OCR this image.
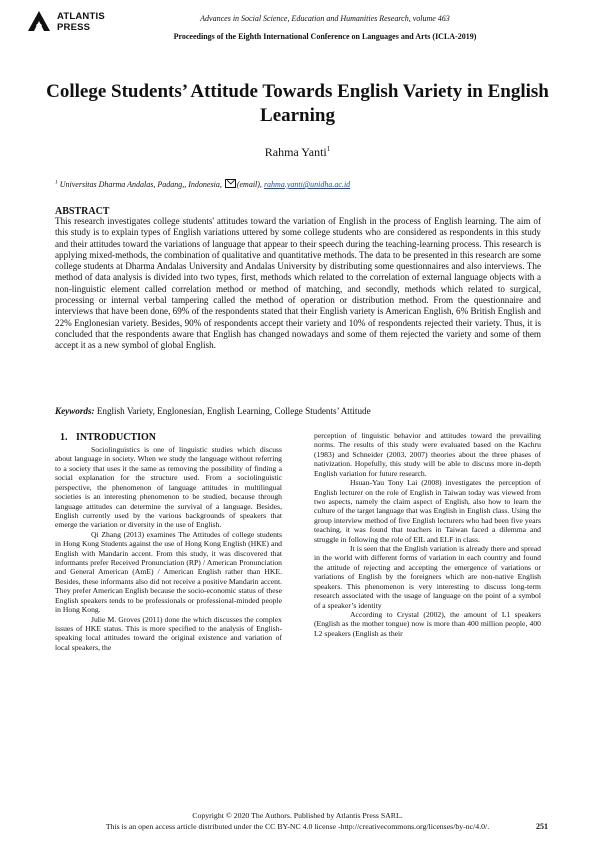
ATLANTIS
PRESS
Advances in Social Science, Education and Humanities Research, volume 463
Proceedings of the Eighth International Conference on Languages and Arts (ICLA-2019)
College Students’ Attitude Towards English Variety in English Learning
Rahma Yanti$^1$
$^1$ Universitas Dharma Andalas, Padang,, Indonesia, (email), rahma.yanti@unidha.ac.id
ABSTRACT
This research investigates college students' attitudes toward the variation of English in the process of English learning. The aim of this study is to explain types of English variations uttered by some college students who are considered as respondents in this study and their attitudes toward the variations of language that appear to their speech during the teaching-learning process. This research is applying mixed-methods, the combination of qualitative and quantitative methods. The data to be presented in this research are some college students at Dharma Andalas University and Andalas University by distributing some questionnaires and also interviews. The method of data analysis is divided into two types, first, methods which related to the correlation of external language objects with a non-linguistic element called correlation method or method of matching, and secondly, methods which related to surgical, processing or internal verbal tampering called the method of operation or distribution method. From the questionnaire and interviews that have been done, 69% of the respondents stated that their English variety is American English, 6% British English and 22% Englonesian variety. Besides, 90% of respondents accept their variety and 10% of respondents rejected their variety. Thus, it is concluded that the respondents aware that English has changed nowadays and some of them rejected the variety and some of them accept it as a new symbol of global English.
Keywords: English Variety, Englonesian, English Learning, College Students’ Attitude
1. INTRODUCTION

Sociolinguistics is one of linguistic studies which discuss about language in society. When we study the language without referring to a society that uses it the same as removing the possibility of finding a social explanation for the structure used. From a sociolinguistic perspective, the phenomenon of language attitudes in multilingual societies is an interesting phenomenon to be studied, because through language attitudes can determine the survival of a language. Besides, English currently used by the various backgrounds of speakers that emerge the variation or diversity in the use of English.

Qi Zhang (2013) examines The Attitudes of college students in Hong Kong Students against the use of Hong Kong English (HKE) and English with Mandarin accent. From this study, it was discovered that informants prefer Received Pronunciation (RP) / American Pronunciation and General American (AmE) / American English rather than HKE. Besides, these informants also did not receive a positive Mandarin accent. They prefer American English because the socio-economic status of these English speakers tends to be professionals or professional-minded people in Hong Kong.

Julie M. Groves (2011) done the which discusses the complex issues of HKE status. This is more specified to the analysis of English-speaking local attitudes toward the original existence and variation of local speakers, the

perception of linguistic behavior and attitudes toward the prevailing norms. The results of this study were evaluated based on the Kachru (1983) and Schneider (2003, 2007) theories about the three phases of nativization. Hopefully, this study will be able to discuss more in-depth English variation for future research.

Hsuan-Yau Tony Lai (2008) investigates the perception of English lecturer on the role of English in Taiwan today was viewed from two aspects, namely the claim aspect of English, also how to learn the culture of the target language that was English in English class. Using the group interview method of five English lecturers who had been five years teaching, it was found that teachers in Taiwan faced a dilemma and struggle in following the role of EIL and ELF in class.

It is seen that the English variation is already there and spread in the world with different forms of variation in each country and found the attitude of rejecting and accepting the emergence of variations or variations of English by the foreigners which are non-native English speakers. This phenomenon is very interesting to discuss long-term research associated with the usage of language on the point of a symbol of a speaker’s identity

According to Crystal (2002), the amount of L1 speakers (English as the mother tongue) now is more than 400 million people, 400 L2 speakers (English as their

Copyright © 2020 The Authors. Published by Atlantis Press SARL.
This is an open access article distributed under the CC BY-NC 4.0 license -http://creativecommons.org/licenses/by-nc/4.0/.	251
